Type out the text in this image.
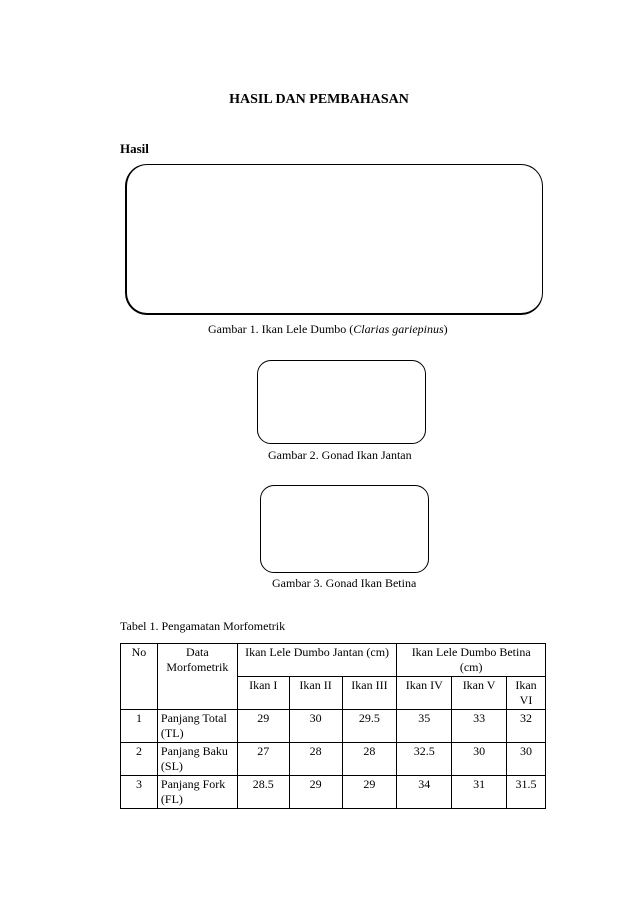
HASIL DAN PEMBAHASAN
Hasil
Gambar 1. Ikan Lele Dumbo (Clarias gariepinus)
Gambar 2. Gonad Ikan Jantan
Gambar 3. Gonad Ikan Betina
Tabel 1. Pengamatan Morfometrik
No	Data Morfometrik	Ikan Lele Dumbo Jantan (cm)			Ikan Lele Dumbo Betina (cm)		
		Ikan I	Ikan II	Ikan III	Ikan IV	Ikan V	Ikan VI
1	Panjang Total (TL)	29	30	29.5	35	33	32
2	Panjang Baku (SL)	27	28	28	32.5	30	30
3	Panjang Fork (FL)	28.5	29	29	34	31	31.5
